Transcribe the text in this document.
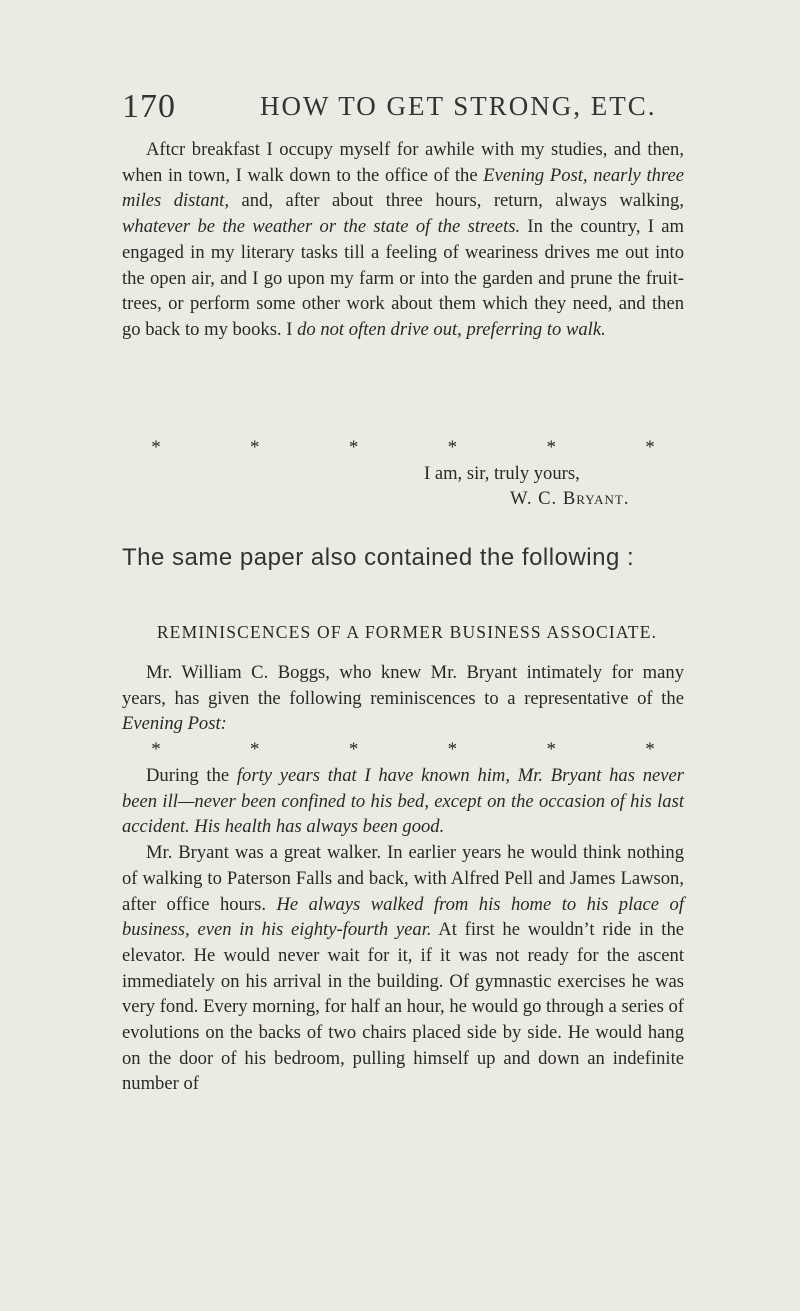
170	HOW TO GET STRONG, ETC.

Aftcr breakfast I occupy myself for awhile with my studies, and then, when in town, I walk down to the office of the Evening Post, nearly three miles distant, and, after about three hours, return, always walking, whatever be the weather or the state of the streets. In the country, I am engaged in my literary tasks till a feeling of weariness drives me out into the open air, and I go upon my farm or into the garden and prune the fruit-trees, or perform some other work about them which they need, and then go back to my books. I do not often drive out, preferring to walk.

*	*	*	*	*	*
I am, sir, truly yours,
W. C. Bryant.
The same paper also contained the following :
REMINISCENCES OF A FORMER BUSINESS ASSOCIATE.

Mr. William C. Boggs, who knew Mr. Bryant intimately for many years, has given the following reminiscences to a representative of the Evening Post:

*	*	*	*	*	*

During the forty years that I have known him, Mr. Bryant has never been ill—never been confined to his bed, except on the occasion of his last accident. His health has always been good.

Mr. Bryant was a great walker. In earlier years he would think nothing of walking to Paterson Falls and back, with Alfred Pell and James Lawson, after office hours. He always walked from his home to his place of business, even in his eighty-fourth year. At first he wouldn’t ride in the elevator. He would never wait for it, if it was not ready for the ascent immediately on his arrival in the building. Of gymnastic exercises he was very fond. Every morning, for half an hour, he would go through a series of evolutions on the backs of two chairs placed side by side. He would hang on the door of his bedroom, pulling himself up and down an indefinite number of
